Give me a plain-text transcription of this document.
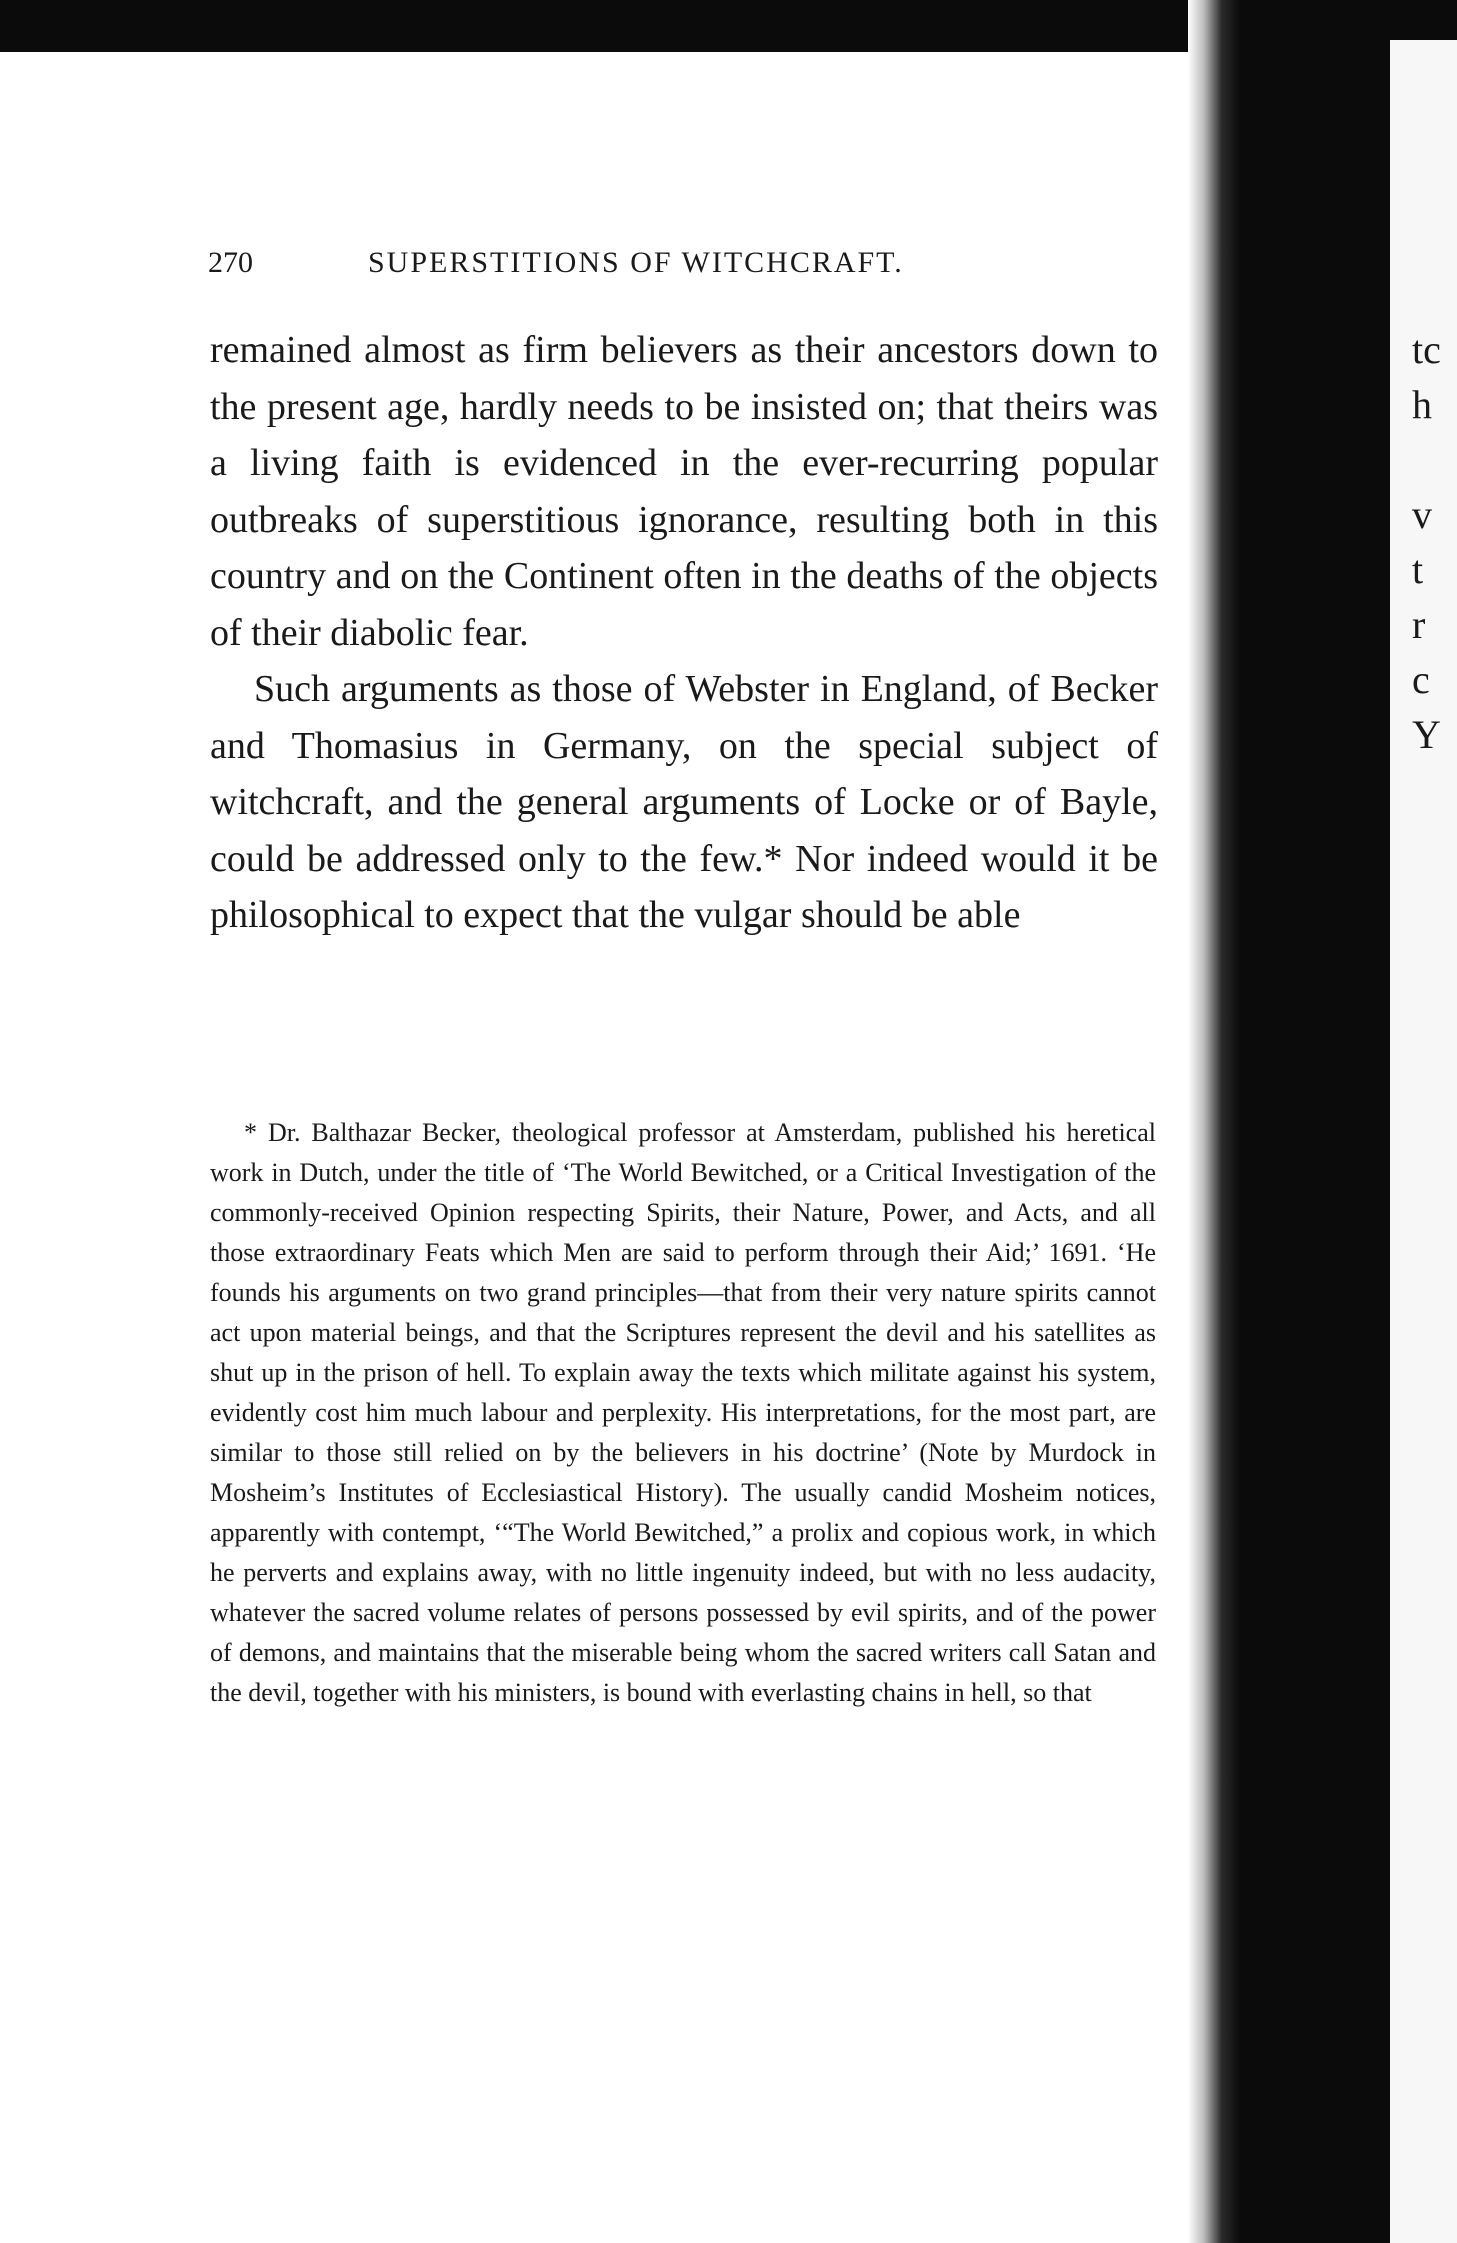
tc
h
v
t
r
c
Y
270	SUPERSTITIONS OF WITCHCRAFT.

remained almost as firm believers as their ancestors down to the present age, hardly needs to be insisted on; that theirs was a living faith is evidenced in the ever-recurring popular outbreaks of superstitious ignorance, resulting both in this country and on the Continent often in the deaths of the objects of their diabolic fear.

Such arguments as those of Webster in England, of Becker and Thomasius in Germany, on the special subject of witchcraft, and the general arguments of Locke or of Bayle, could be addressed only to the few.* Nor indeed would it be philosophical to expect that the vulgar should be able

* Dr. Balthazar Becker, theological professor at Amsterdam, published his heretical work in Dutch, under the title of ‘The World Bewitched, or a Critical Investigation of the commonly-received Opinion respecting Spirits, their Nature, Power, and Acts, and all those extraordinary Feats which Men are said to perform through their Aid;’ 1691. ‘He founds his arguments on two grand principles—that from their very nature spirits cannot act upon material beings, and that the Scriptures represent the devil and his satellites as shut up in the prison of hell. To explain away the texts which militate against his system, evidently cost him much labour and perplexity. His interpretations, for the most part, are similar to those still relied on by the believers in his doctrine’ (Note by Murdock in Mosheim’s Institutes of Ecclesiastical History). The usually candid Mosheim notices, apparently with contempt, ‘“The World Bewitched,” a prolix and copious work, in which he perverts and explains away, with no little ingenuity indeed, but with no less audacity, whatever the sacred volume relates of persons possessed by evil spirits, and of the power of demons, and maintains that the miserable being whom the sacred writers call Satan and the devil, together with his ministers, is bound with everlasting chains in hell, so that
